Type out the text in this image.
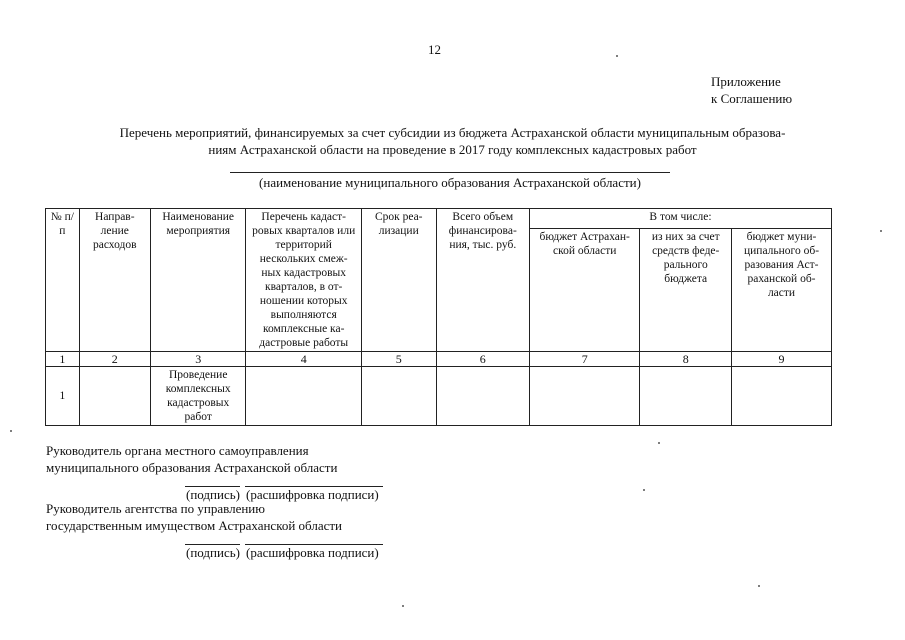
12
Приложение
к Соглашению
Перечень мероприятий, финансируемых за счет субсидии из бюджета Астраханской области муниципальным образова-
ниям Астраханской области на проведение в 2017 году комплексных кадастровых работ
(наименование муниципального образования Астраханской области)
№ п/п	Направ- ление расходов	Наименование мероприятия	Перечень кадаст- ровых кварталов или территорий нескольких смеж- ных кадастровых кварталов, в от- ношении которых выполняются комплексные ка- дастровые работы	Срок реа- лизации	Всего объем финансирова- ния, тыс. руб.	В том числе:		
						бюджет Астрахан- ской области	из них за счет средств феде- рального бюджета	бюджет муни- ципального об- разования Аст- раханской об- ласти
1	2	3	4	5	6	7	8	9
1		Проведение комплексных кадастровых работ						
Руководитель органа местного самоуправления
муниципального образования Астраханской области
(подпись) (расшифровка подписи)
Руководитель агентства по управлению
государственным имуществом Астраханской области
(подпись) (расшифровка подписи)
